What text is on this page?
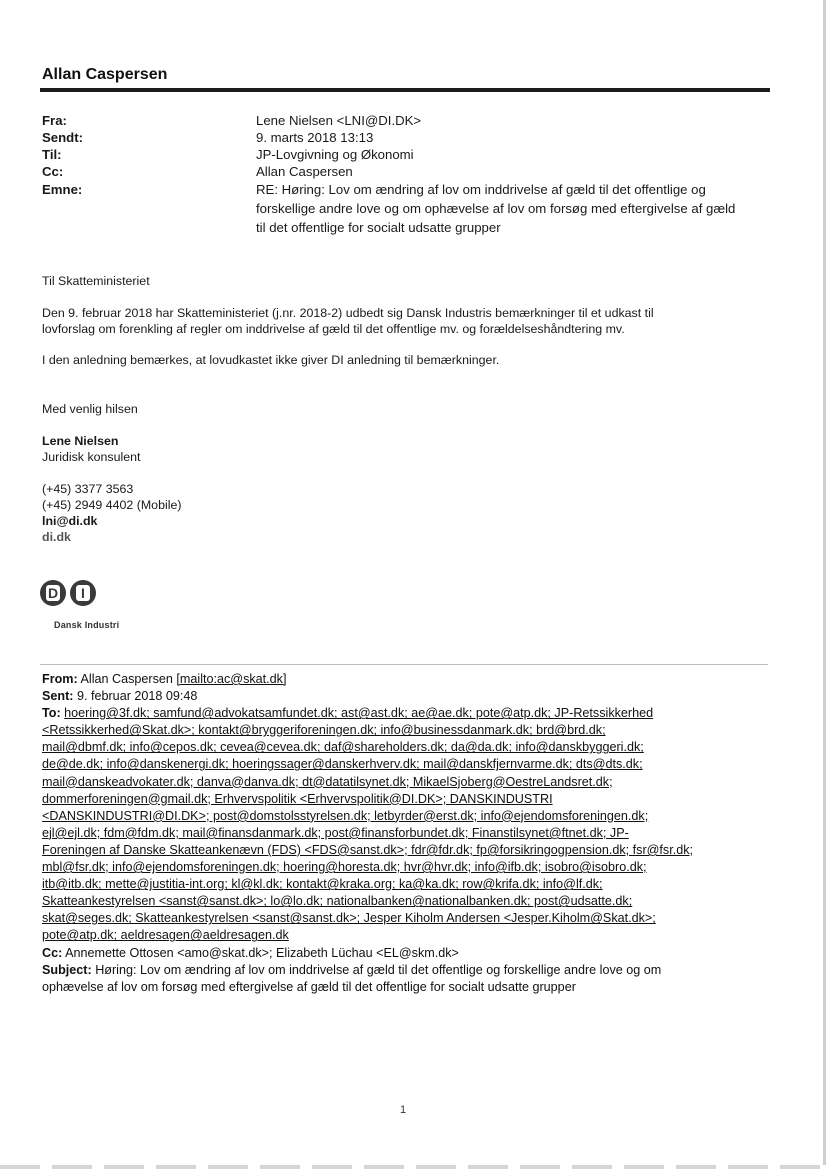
Allan Caspersen
Fra:	Lene Nielsen <LNI@DI.DK>
Sendt:	9. marts 2018 13:13
Til:	JP-Lovgivning og Økonomi
Cc:	Allan Caspersen
Emne:	RE: Høring: Lov om ændring af lov om inddrivelse af gæld til det offentlige og
forskellige andre love og om ophævelse af lov om forsøg med eftergivelse af gæld
til det offentlige for socialt udsatte grupper
Til Skatteministeriet
Den 9. februar 2018 har Skatteministeriet (j.nr. 2018-2) udbedt sig Dansk Industris bemærkninger til et udkast til
lovforslag om forenkling af regler om inddrivelse af gæld til det offentlige mv. og forældelseshåndtering mv.
I den anledning bemærkes, at lovudkastet ikke giver DI anledning til bemærkninger.
Med venlig hilsen
Lene Nielsen
Juridisk konsulent
(+45) 3377 3563
(+45) 2949 4402 (Mobile)
lni@di.dk
di.dk
D	I
Dansk Industri
From: Allan Caspersen [mailto:ac@skat.dk]
Sent: 9. februar 2018 09:48
To: hoering@3f.dk; samfund@advokatsamfundet.dk; ast@ast.dk; ae@ae.dk; pote@atp.dk; JP-Retssikkerhed
<Retssikkerhed@Skat.dk>; kontakt@bryggeriforeningen.dk; info@businessdanmark.dk; brd@brd.dk;
mail@dbmf.dk; info@cepos.dk; cevea@cevea.dk; daf@shareholders.dk; da@da.dk; info@danskbyggeri.dk;
de@de.dk; info@danskenergi.dk; hoeringssager@danskerhverv.dk; mail@danskfjernvarme.dk; dts@dts.dk;
mail@danskeadvokater.dk; danva@danva.dk; dt@datatilsynet.dk; MikaelSjoberg@OestreLandsret.dk;
dommerforeningen@gmail.dk; Erhvervspolitik <Erhvervspolitik@DI.DK>; DANSKINDUSTRI
<DANSKINDUSTRI@DI.DK>; post@domstolsstyrelsen.dk; letbyrder@erst.dk; info@ejendomsforeningen.dk;
ejl@ejl.dk; fdm@fdm.dk; mail@finansdanmark.dk; post@finansforbundet.dk; Finanstilsynet@ftnet.dk; JP-
Foreningen af Danske Skatteankenævn (FDS) <FDS@sanst.dk>; fdr@fdr.dk; fp@forsikringogpension.dk; fsr@fsr.dk;
mbl@fsr.dk; info@ejendomsforeningen.dk; hoering@horesta.dk; hvr@hvr.dk; info@ifb.dk; isobro@isobro.dk;
itb@itb.dk; mette@justitia-int.org; kl@kl.dk; kontakt@kraka.org; ka@ka.dk; row@krifa.dk; info@lf.dk;
Skatteankestyrelsen <sanst@sanst.dk>; lo@lo.dk; nationalbanken@nationalbanken.dk; post@udsatte.dk;
skat@seges.dk; Skatteankestyrelsen <sanst@sanst.dk>; Jesper Kiholm Andersen <Jesper.Kiholm@Skat.dk>;
pote@atp.dk; aeldresagen@aeldresagen.dk
Cc: Annemette Ottosen <amo@skat.dk>; Elizabeth Lüchau <EL@skm.dk>
Subject: Høring: Lov om ændring af lov om inddrivelse af gæld til det offentlige og forskellige andre love og om
ophævelse af lov om forsøg med eftergivelse af gæld til det offentlige for socialt udsatte grupper
1
